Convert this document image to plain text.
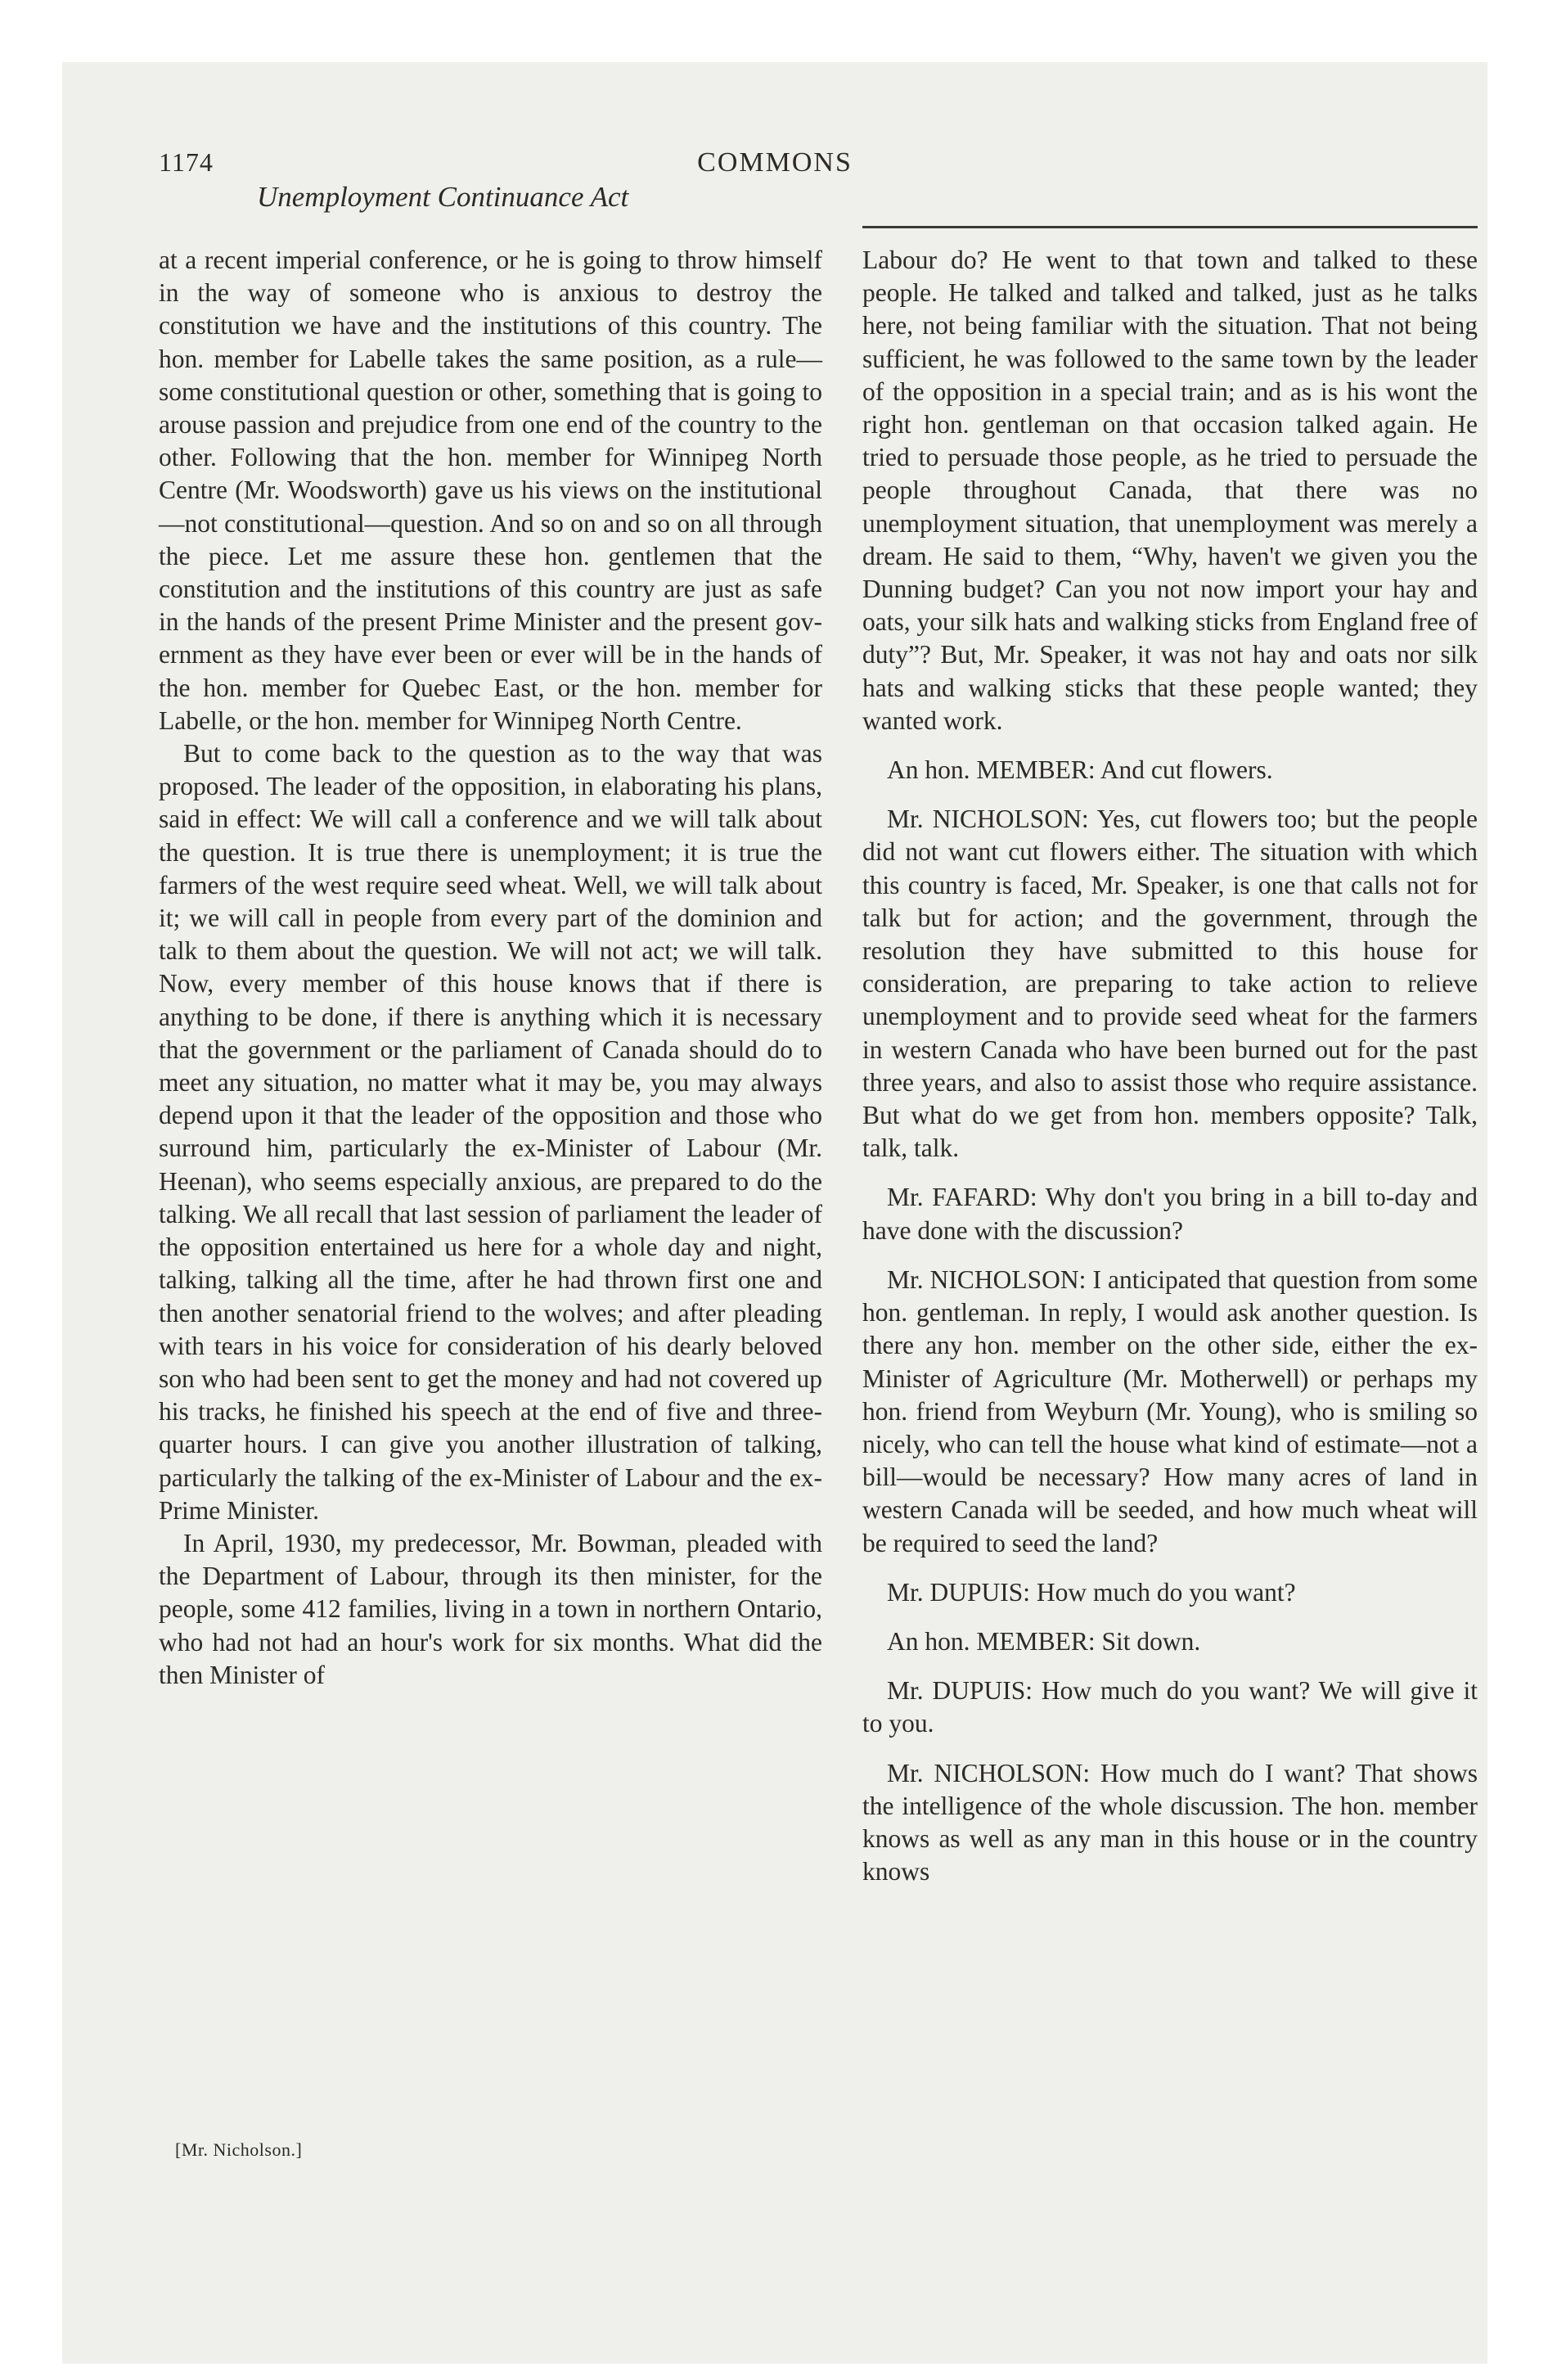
1174	COMMONS
Unemployment Continuance Act

at a recent imperial conference, or he is going to throw himself in the way of someone who is anxious to destroy the constitution we have and the institutions of this country. The hon. member for Labelle takes the same position, as a rule—some constitutional question or other, something that is going to arouse passion and prejudice from one end of the country to the other. Following that the hon. member for Winnipeg North Centre (Mr. Woodsworth) gave us his views on the institutional—not constitutional—question. And so on and so on all through the piece. Let me assure these hon. gentlemen that the constitution and the institutions of this country are just as safe in the hands of the present Prime Minister and the present government as they have ever been or ever will be in the hands of the hon. member for Quebec East, or the hon. member for Labelle, or the hon. member for Winnipeg North Centre.

But to come back to the question as to the way that was proposed. The leader of the opposition, in elaborating his plans, said in effect: We will call a conference and we will talk about the question. It is true there is unemployment; it is true the farmers of the west require seed wheat. Well, we will talk about it; we will call in people from every part of the dominion and talk to them about the question. We will not act; we will talk. Now, every member of this house knows that if there is anything to be done, if there is anything which it is necessary that the government or the parliament of Canada should do to meet any situation, no matter what it may be, you may always depend upon it that the leader of the opposition and those who surround him, particularly the ex-Minister of Labour (Mr. Heenan), who seems especially anxious, are prepared to do the talking. We all recall that last session of parliament the leader of the opposition entertained us here for a whole day and night, talking, talking all the time, after he had thrown first one and then another senatorial friend to the wolves; and after pleading with tears in his voice for consideration of his dearly beloved son who had been sent to get the money and had not covered up his tracks, he finished his speech at the end of five and three-quarter hours. I can give you another illustration of talking, particularly the talking of the ex-Minister of Labour and the ex-Prime Minister.

In April, 1930, my predecessor, Mr. Bowman, pleaded with the Department of Labour, through its then minister, for the people, some 412 families, living in a town in northern Ontario, who had not had an hour's work for six months. What did the then Minister of

Labour do? He went to that town and talked to these people. He talked and talked and talked, just as he talks here, not being familiar with the situation. That not being sufficient, he was followed to the same town by the leader of the opposition in a special train; and as is his wont the right hon. gentleman on that occasion talked again. He tried to persuade those people, as he tried to persuade the people throughout Canada, that there was no unemployment situation, that unemployment was merely a dream. He said to them, “Why, haven't we given you the Dunning budget? Can you not now import your hay and oats, your silk hats and walking sticks from England free of duty”? But, Mr. Speaker, it was not hay and oats nor silk hats and walking sticks that these people wanted; they wanted work.

An hon. MEMBER: And cut flowers.

Mr. NICHOLSON: Yes, cut flowers too; but the people did not want cut flowers either. The situation with which this country is faced, Mr. Speaker, is one that calls not for talk but for action; and the government, through the resolution they have submitted to this house for consideration, are preparing to take action to relieve unemployment and to provide seed wheat for the farmers in western Canada who have been burned out for the past three years, and also to assist those who require assistance. But what do we get from hon. members opposite? Talk, talk, talk.

Mr. FAFARD: Why don't you bring in a bill to-day and have done with the discussion?

Mr. NICHOLSON: I anticipated that question from some hon. gentleman. In reply, I would ask another question. Is there any hon. member on the other side, either the ex-Minister of Agriculture (Mr. Motherwell) or perhaps my hon. friend from Weyburn (Mr. Young), who is smiling so nicely, who can tell the house what kind of estimate—not a bill—would be necessary? How many acres of land in western Canada will be seeded, and how much wheat will be required to seed the land?

Mr. DUPUIS: How much do you want?

An hon. MEMBER: Sit down.

Mr. DUPUIS: How much do you want? We will give it to you.

Mr. NICHOLSON: How much do I want? That shows the intelligence of the whole discussion. The hon. member knows as well as any man in this house or in the country knows

[Mr. Nicholson.]
